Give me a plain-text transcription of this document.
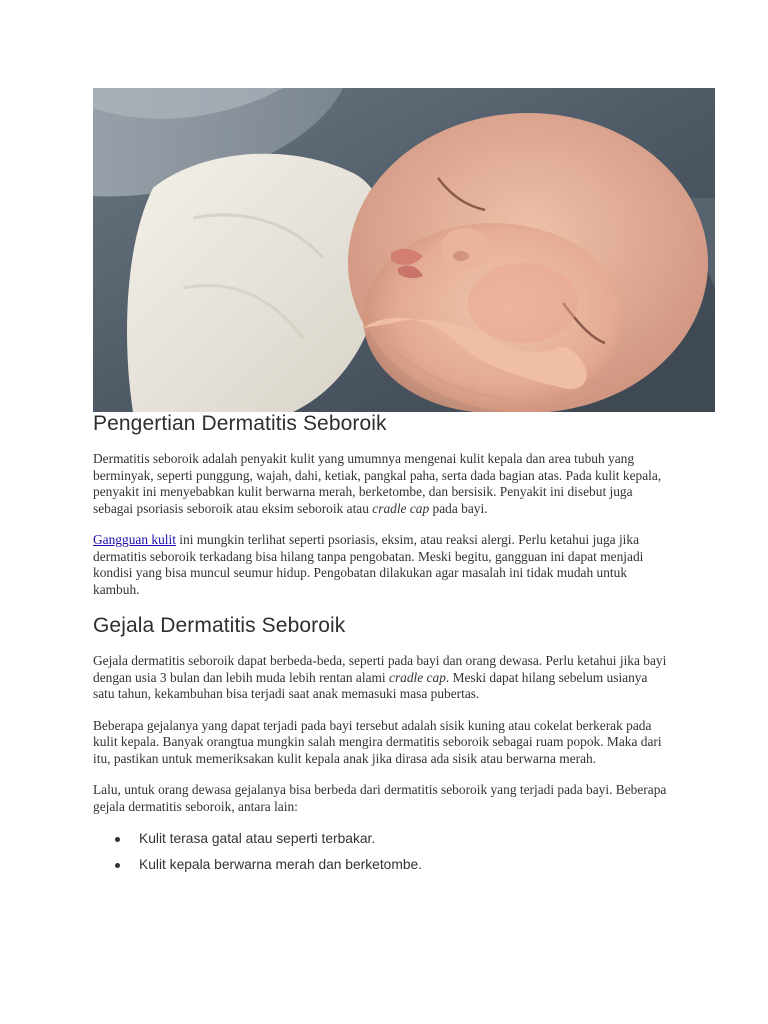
Pengertian Dermatitis Seboroik

Dermatitis seboroik adalah penyakit kulit yang umumnya mengenai kulit kepala dan area tubuh yang berminyak, seperti punggung, wajah, dahi, ketiak, pangkal paha, serta dada bagian atas. Pada kulit kepala, penyakit ini menyebabkan kulit berwarna merah, berketombe, dan bersisik. Penyakit ini disebut juga sebagai psoriasis seboroik atau eksim seboroik atau cradle cap pada bayi.

Gangguan kulit ini mungkin terlihat seperti psoriasis, eksim, atau reaksi alergi. Perlu ketahui juga jika dermatitis seboroik terkadang bisa hilang tanpa pengobatan. Meski begitu, gangguan ini dapat menjadi kondisi yang bisa muncul seumur hidup. Pengobatan dilakukan agar masalah ini tidak mudah untuk kambuh.

Gejala Dermatitis Seboroik

Gejala dermatitis seboroik dapat berbeda-beda, seperti pada bayi dan orang dewasa. Perlu ketahui jika bayi dengan usia 3 bulan dan lebih muda lebih rentan alami cradle cap. Meski dapat hilang sebelum usianya satu tahun, kekambuhan bisa terjadi saat anak memasuki masa pubertas.

Beberapa gejalanya yang dapat terjadi pada bayi tersebut adalah sisik kuning atau cokelat berkerak pada kulit kepala. Banyak orangtua mungkin salah mengira dermatitis seboroik sebagai ruam popok. Maka dari itu, pastikan untuk memeriksakan kulit kepala anak jika dirasa ada sisik atau berwarna merah.

Lalu, untuk orang dewasa gejalanya bisa berbeda dari dermatitis seboroik yang terjadi pada bayi. Beberapa gejala dermatitis seboroik, antara lain:

Kulit terasa gatal atau seperti terbakar.
Kulit kepala berwarna merah dan berketombe.
